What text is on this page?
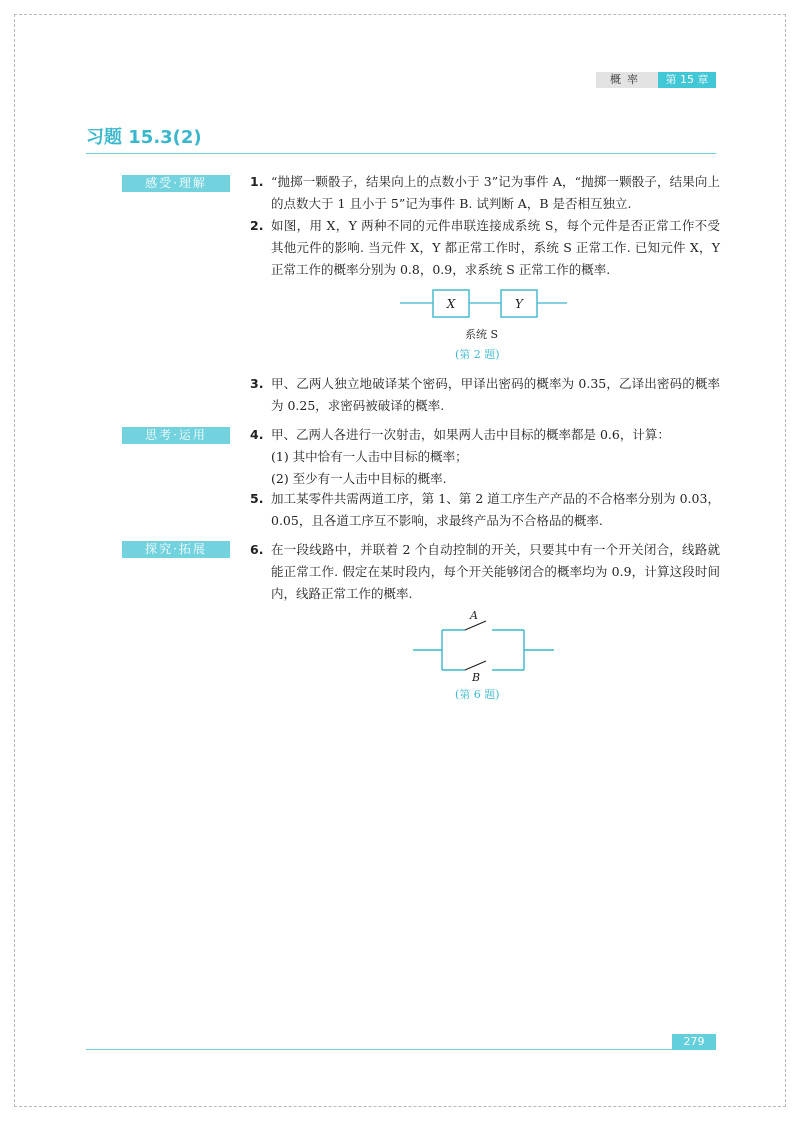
概率	第 15 章
习题 15.3(2)
感受·理解
思考·运用
探究·拓展
1. “抛掷一颗骰子，结果向上的点数小于 3”记为事件 A，“抛掷一颗骰子，结果向上的点数大于 1 且小于 5”记为事件 B. 试判断 A，B 是否相互独立.
2. 如图，用 X，Y 两种不同的元件串联连接成系统 S，每个元件是否正常工作不受其他元件的影响. 当元件 X，Y 都正常工作时，系统 S 正常工作. 已知元件 X，Y 正常工作的概率分别为 0.8，0.9，求系统 S 正常工作的概率.
X	Y
系统 S
(第 2 题)
3. 甲、乙两人独立地破译某个密码，甲译出密码的概率为 0.35，乙译出密码的概率为 0.25，求密码被破译的概率.
4. 甲、乙两人各进行一次射击，如果两人击中目标的概率都是 0.6，计算：
(1) 其中恰有一人击中目标的概率；
(2) 至少有一人击中目标的概率.
5. 加工某零件共需两道工序，第 1、第 2 道工序生产产品的不合格率分别为 0.03，0.05，且各道工序互不影响，求最终产品为不合格品的概率.
6. 在一段线路中，并联着 2 个自动控制的开关，只要其中有一个开关闭合，线路就能正常工作. 假定在某时段内，每个开关能够闭合的概率均为 0.9，计算这段时间内，线路正常工作的概率.
A
B
(第 6 题)
279
